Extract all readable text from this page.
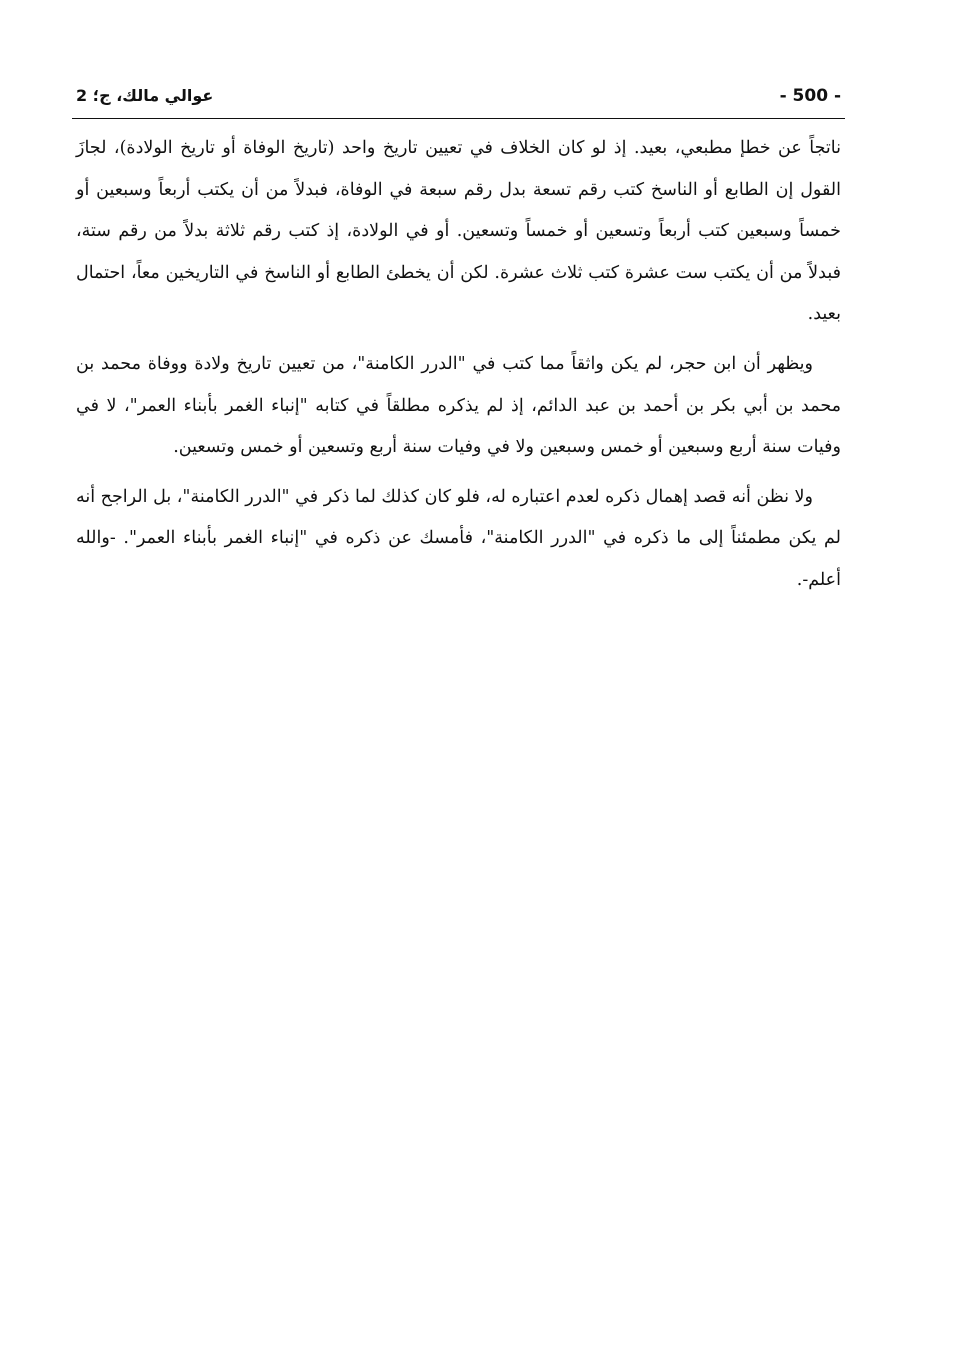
- 500 -
عوالي مالك، ج؛ 2

ناتجاً عن خطإ مطبعي، بعيد. إذ لو كان الخلاف في تعيين تاريخ واحد (تاريخ الوفاة أو تاريخ الولادة)، لجازَ القول إن الطابع أو الناسخ كتب رقم تسعة بدل رقم سبعة في الوفاة، فبدلاً من أن يكتب أربعاً وسبعين أو خمساً وسبعين كتب أربعاً وتسعين أو خمساً وتسعين. أو في الولادة، إذ كتب رقم ثلاثة بدلاً من رقم ستة، فبدلاً من أن يكتب ست عشرة كتب ثلاث عشرة. لكن أن يخطئ الطابع أو الناسخ في التاريخين معاً، احتمال بعيد.

ويظهر أن ابن حجر، لم يكن واثقاً مما كتب في "الدرر الكامنة"، من تعيين تاريخ ولادة ووفاة محمد بن محمد بن أبي بكر بن أحمد بن عبد الدائم، إذ لم يذكره مطلقاً في كتابه "إنباء الغمر بأبناء العمر"، لا في وفيات سنة أربع وسبعين أو خمس وسبعين ولا في وفيات سنة أربع وتسعين أو خمس وتسعين.

ولا نظن أنه قصد إهمال ذكره لعدم اعتباره له، فلو كان كذلك لما ذكر في "الدرر الكامنة"، بل الراجح أنه لم يكن مطمئناً إلى ما ذكره في "الدرر الكامنة"، فأمسك عن ذكره في "إنباء الغمر بأبناء العمر". -والله أعلم-.
